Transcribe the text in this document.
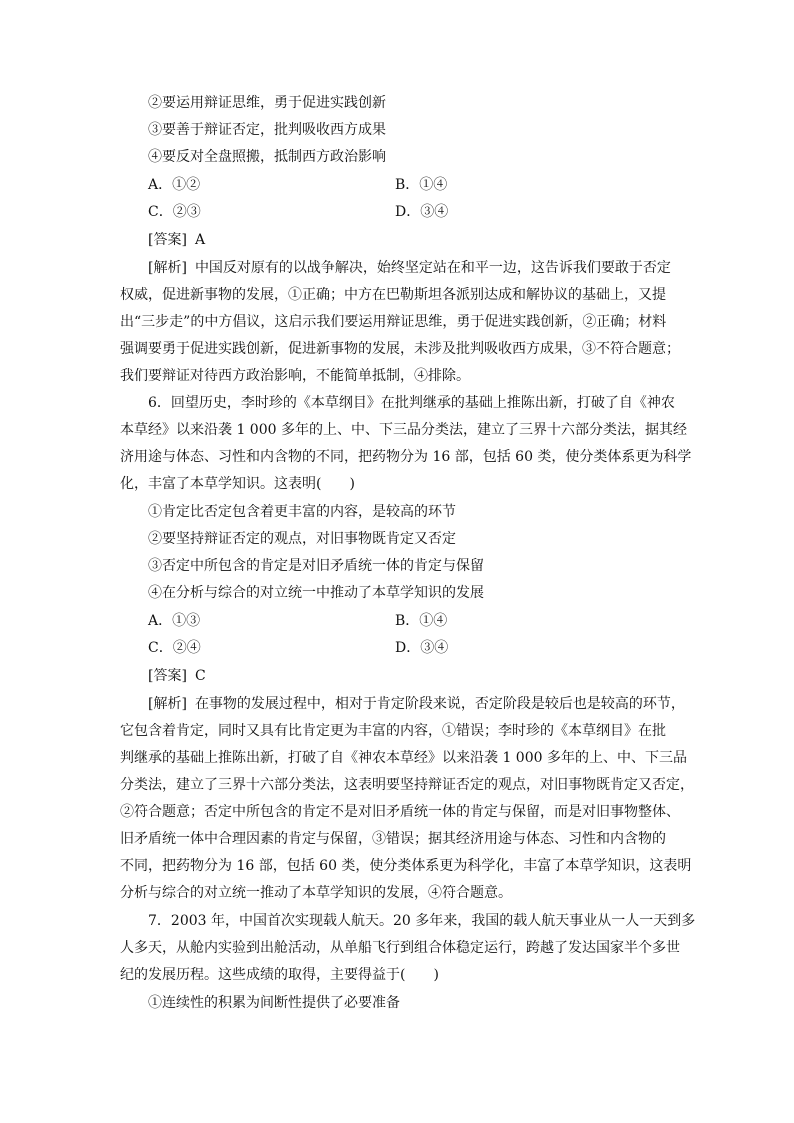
②要运用辩证思维，勇于促进实践创新
③要善于辩证否定，批判吸收西方成果
④要反对全盘照搬，抵制西方政治影响
A．①②	B．①④
C．②③	D．③④
[答案] A
[解析] 中国反对原有的以战争解决，始终坚定站在和平一边，这告诉我们要敢于否定
权威，促进新事物的发展，①正确；中方在巴勒斯坦各派别达成和解协议的基础上，又提
出“三步走”的中方倡议，这启示我们要运用辩证思维，勇于促进实践创新，②正确；材料
强调要勇于促进实践创新，促进新事物的发展，未涉及批判吸收西方成果，③不符合题意；
我们要辩证对待西方政治影响，不能简单抵制，④排除。
6．回望历史，李时珍的《本草纲目》在批判继承的基础上推陈出新，打破了自《神农
本草经》以来沿袭 1 000 多年的上、中、下三品分类法，建立了三界十六部分类法，据其经
济用途与体态、习性和内含物的不同，把药物分为 16 部，包括 60 类，使分类体系更为科学
化，丰富了本草学知识。这表明(　　)
①肯定比否定包含着更丰富的内容，是较高的环节
②要坚持辩证否定的观点，对旧事物既肯定又否定
③否定中所包含的肯定是对旧矛盾统一体的肯定与保留
④在分析与综合的对立统一中推动了本草学知识的发展
A．①③	B．①④
C．②④	D．③④
[答案] C
[解析] 在事物的发展过程中，相对于肯定阶段来说，否定阶段是较后也是较高的环节，
它包含着肯定，同时又具有比肯定更为丰富的内容，①错误；李时珍的《本草纲目》在批
判继承的基础上推陈出新，打破了自《神农本草经》以来沿袭 1 000 多年的上、中、下三品
分类法，建立了三界十六部分类法，这表明要坚持辩证否定的观点，对旧事物既肯定又否定，
②符合题意；否定中所包含的肯定不是对旧矛盾统一体的肯定与保留，而是对旧事物整体、
旧矛盾统一体中合理因素的肯定与保留，③错误；据其经济用途与体态、习性和内含物的
不同，把药物分为 16 部，包括 60 类，使分类体系更为科学化，丰富了本草学知识，这表明
分析与综合的对立统一推动了本草学知识的发展，④符合题意。
7．2003 年，中国首次实现载人航天。20 多年来，我国的载人航天事业从一人一天到多
人多天，从舱内实验到出舱活动，从单船飞行到组合体稳定运行，跨越了发达国家半个多世
纪的发展历程。这些成绩的取得，主要得益于(　　)
①连续性的积累为间断性提供了必要准备
